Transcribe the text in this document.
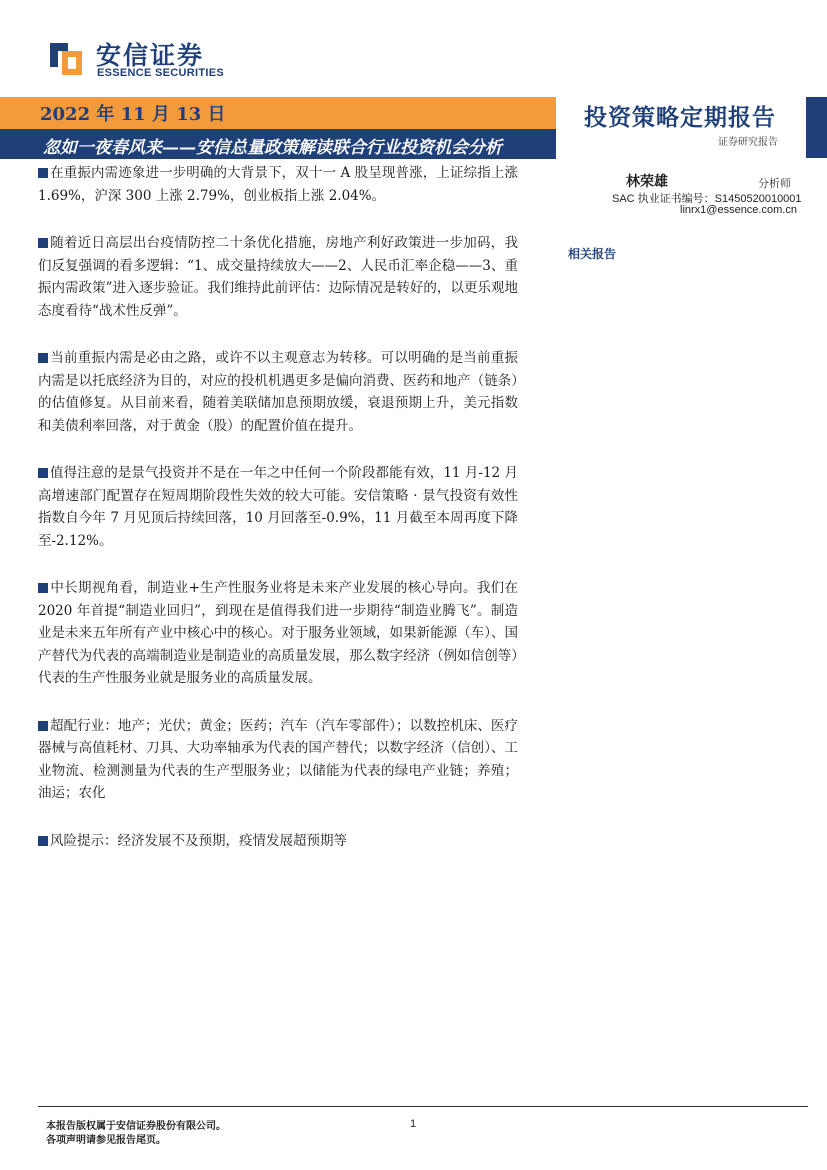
安信证券
ESSENCE SECURITIES
2022 年 11 月 13 日
忽如一夜春风来——安信总量政策解读联合行业投资机会分析
投资策略定期报告
证券研究报告

在重振内需迹象进一步明确的大背景下，双十一 A 股呈现普涨，上证综指上涨 1.69%，沪深 300 上涨 2.79%，创业板指上涨 2.04%。

随着近日高层出台疫情防控二十条优化措施，房地产利好政策进一步加码，我们反复强调的看多逻辑：“1、成交量持续放大——2、人民币汇率企稳——3、重振内需政策”进入逐步验证。我们维持此前评估：边际情况是转好的，以更乐观地态度看待“战术性反弹”。

当前重振内需是必由之路，或许不以主观意志为转移。可以明确的是当前重振内需是以托底经济为目的，对应的投机机遇更多是偏向消费、医药和地产（链条）的估值修复。从目前来看，随着美联储加息预期放缓，衰退预期上升，美元指数和美债利率回落，对于黄金（股）的配置价值在提升。

值得注意的是景气投资并不是在一年之中任何一个阶段都能有效，11 月-12 月高增速部门配置存在短周期阶段性失效的较大可能。安信策略 · 景气投资有效性指数自今年 7 月见顶后持续回落，10 月回落至-0.9%，11 月截至本周再度下降至-2.12%。

中长期视角看，制造业+生产性服务业将是未来产业发展的核心导向。我们在 2020 年首提“制造业回归”，到现在是值得我们进一步期待“制造业腾飞”。制造业是未来五年所有产业中核心中的核心。对于服务业领域，如果新能源（车）、国产替代为代表的高端制造业是制造业的高质量发展，那么数字经济（例如信创等）代表的生产性服务业就是服务业的高质量发展。

超配行业：地产；光伏；黄金；医药；汽车（汽车零部件）；以数控机床、医疗器械与高值耗材、刀具、大功率轴承为代表的国产替代；以数字经济（信创）、工业物流、检测测量为代表的生产型服务业；以储能为代表的绿电产业链；养殖；油运；农化

风险提示：经济发展不及预期，疫情发展超预期等

林荣雄	分析师
SAC 执业证书编号：S1450520010001
linrx1@essence.com.cn
相关报告
本报告版权属于安信证券股份有限公司。
各项声明请参见报告尾页。
1
